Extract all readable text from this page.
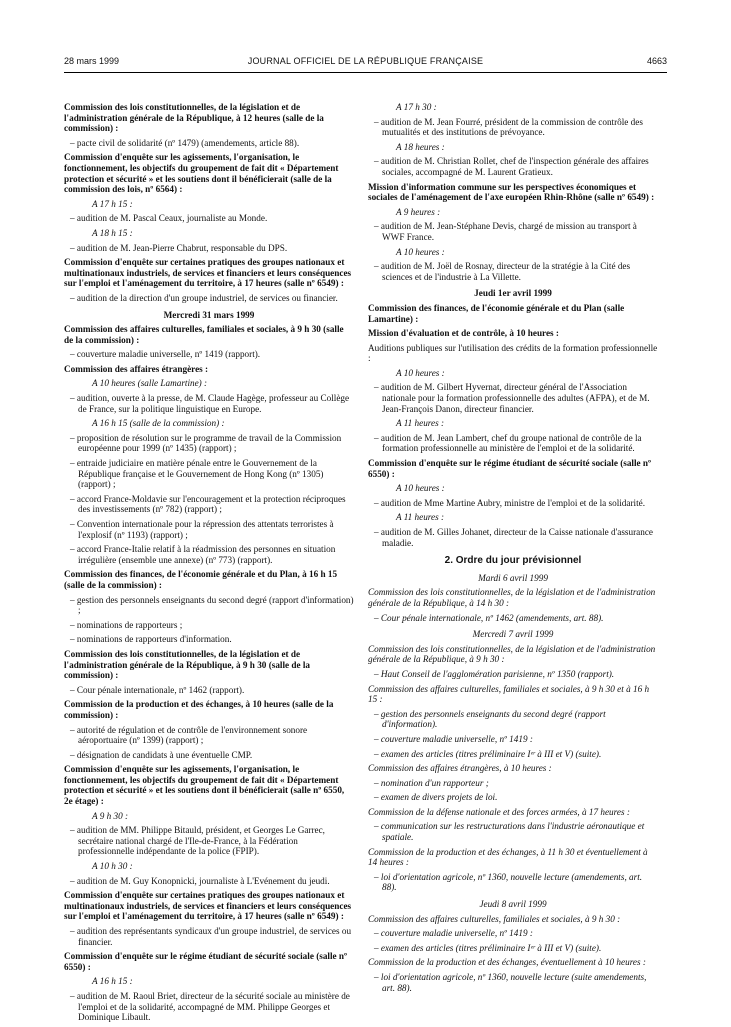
28 mars 1999	JOURNAL OFFICIEL DE LA RÉPUBLIQUE FRANÇAISE	4663

Commission des lois constitutionnelles, de la législation et de l'administration générale de la République, à 12 heures (salle de la commission) :

– pacte civil de solidarité (nº 1479) (amendements, article 88).

Commission d'enquête sur les agissements, l'organisation, le fonctionnement, les objectifs du groupement de fait dit « Département protection et sécurité » et les soutiens dont il bénéficierait (salle de la commission des lois, nº 6564) :

A 17 h 15 :

– audition de M. Pascal Ceaux, journaliste au Monde.

A 18 h 15 :

– audition de M. Jean-Pierre Chabrut, responsable du DPS.

Commission d'enquête sur certaines pratiques des groupes nationaux et multinationaux industriels, de services et financiers et leurs conséquences sur l'emploi et l'aménagement du territoire, à 17 heures (salle nº 6549) :

– audition de la direction d'un groupe industriel, de services ou financier.

Mercredi 31 mars 1999

Commission des affaires culturelles, familiales et sociales, à 9 h 30 (salle de la commission) :

– couverture maladie universelle, nº 1419 (rapport).

Commission des affaires étrangères :

A 10 heures (salle Lamartine) :

– audition, ouverte à la presse, de M. Claude Hagège, professeur au Collège de France, sur la politique linguistique en Europe.

A 16 h 15 (salle de la commission) :

– proposition de résolution sur le programme de travail de la Commission européenne pour 1999 (nº 1435) (rapport) ;

– entraide judiciaire en matière pénale entre le Gouvernement de la République française et le Gouvernement de Hong Kong (nº 1305) (rapport) ;

– accord France-Moldavie sur l'encouragement et la protection réciproques des investissements (nº 782) (rapport) ;

– Convention internationale pour la répression des attentats terroristes à l'explosif (nº 1193) (rapport) ;

– accord France-Italie relatif à la réadmission des personnes en situation irrégulière (ensemble une annexe) (nº 773) (rapport).

Commission des finances, de l'économie générale et du Plan, à 16 h 15 (salle de la commission) :

– gestion des personnels enseignants du second degré (rapport d'information) ;

– nominations de rapporteurs ;

– nominations de rapporteurs d'information.

Commission des lois constitutionnelles, de la législation et de l'administration générale de la République, à 9 h 30 (salle de la commission) :

– Cour pénale internationale, nº 1462 (rapport).

Commission de la production et des échanges, à 10 heures (salle de la commission) :

– autorité de régulation et de contrôle de l'environnement sonore aéroportuaire (nº 1399) (rapport) ;

– désignation de candidats à une éventuelle CMP.

Commission d'enquête sur les agissements, l'organisation, le fonctionnement, les objectifs du groupement de fait dit « Département protection et sécurité » et les soutiens dont il bénéficierait (salle nº 6550, 2e étage) :

A 9 h 30 :

– audition de MM. Philippe Bitauld, président, et Georges Le Garrec, secrétaire national chargé de l'Ile-de-France, à la Fédération professionnelle indépendante de la police (FPIP).

A 10 h 30 :

– audition de M. Guy Konopnicki, journaliste à L'Evénement du jeudi.

Commission d'enquête sur certaines pratiques des groupes nationaux et multinationaux industriels, de services et financiers et leurs conséquences sur l'emploi et l'aménagement du territoire, à 17 heures (salle nº 6549) :

– audition des représentants syndicaux d'un groupe industriel, de services ou financier.

Commission d'enquête sur le régime étudiant de sécurité sociale (salle nº 6550) :

A 16 h 15 :

– audition de M. Raoul Briet, directeur de la sécurité sociale au ministère de l'emploi et de la solidarité, accompagné de MM. Philippe Georges et Dominique Libault.

A 17 h 30 :

– audition de M. Jean Fourré, président de la commission de contrôle des mutualités et des institutions de prévoyance.

A 18 heures :

– audition de M. Christian Rollet, chef de l'inspection générale des affaires sociales, accompagné de M. Laurent Gratieux.

Mission d'information commune sur les perspectives économiques et sociales de l'aménagement de l'axe européen Rhin-Rhône (salle nº 6549) :

A 9 heures :

– audition de M. Jean-Stéphane Devis, chargé de mission au transport à WWF France.

A 10 heures :

– audition de M. Joël de Rosnay, directeur de la stratégie à la Cité des sciences et de l'industrie à La Villette.

Jeudi 1er avril 1999

Commission des finances, de l'économie générale et du Plan (salle Lamartine) :

Mission d'évaluation et de contrôle, à 10 heures :

Auditions publiques sur l'utilisation des crédits de la formation professionnelle :

A 10 heures :

– audition de M. Gilbert Hyvernat, directeur général de l'Association nationale pour la formation professionnelle des adultes (AFPA), et de M. Jean-François Danon, directeur financier.

A 11 heures :

– audition de M. Jean Lambert, chef du groupe national de contrôle de la formation professionnelle au ministère de l'emploi et de la solidarité.

Commission d'enquête sur le régime étudiant de sécurité sociale (salle nº 6550) :

A 10 heures :

– audition de Mme Martine Aubry, ministre de l'emploi et de la solidarité.

A 11 heures :

– audition de M. Gilles Johanet, directeur de la Caisse nationale d'assurance maladie.

2. Ordre du jour prévisionnel

Mardi 6 avril 1999

Commission des lois constitutionnelles, de la législation et de l'administration générale de la République, à 14 h 30 :

– Cour pénale internationale, nº 1462 (amendements, art. 88).

Mercredi 7 avril 1999

Commission des lois constitutionnelles, de la législation et de l'administration générale de la République, à 9 h 30 :

– Haut Conseil de l'agglomération parisienne, nº 1350 (rapport).

Commission des affaires culturelles, familiales et sociales, à 9 h 30 et à 16 h 15 :

– gestion des personnels enseignants du second degré (rapport d'information).

– couverture maladie universelle, nº 1419 :

– examen des articles (titres préliminaire Iᵉʳ à III et V) (suite).

Commission des affaires étrangères, à 10 heures :

– nomination d'un rapporteur ;

– examen de divers projets de loi.

Commission de la défense nationale et des forces armées, à 17 heures :

– communication sur les restructurations dans l'industrie aéronautique et spatiale.

Commission de la production et des échanges, à 11 h 30 et éventuellement à 14 heures :

– loi d'orientation agricole, nº 1360, nouvelle lecture (amendements, art. 88).

Jeudi 8 avril 1999

Commission des affaires culturelles, familiales et sociales, à 9 h 30 :

– couverture maladie universelle, nº 1419 :

– examen des articles (titres préliminaire Iᵉʳ à III et V) (suite).

Commission de la production et des échanges, éventuellement à 10 heures :

– loi d'orientation agricole, nº 1360, nouvelle lecture (suite amendements, art. 88).
